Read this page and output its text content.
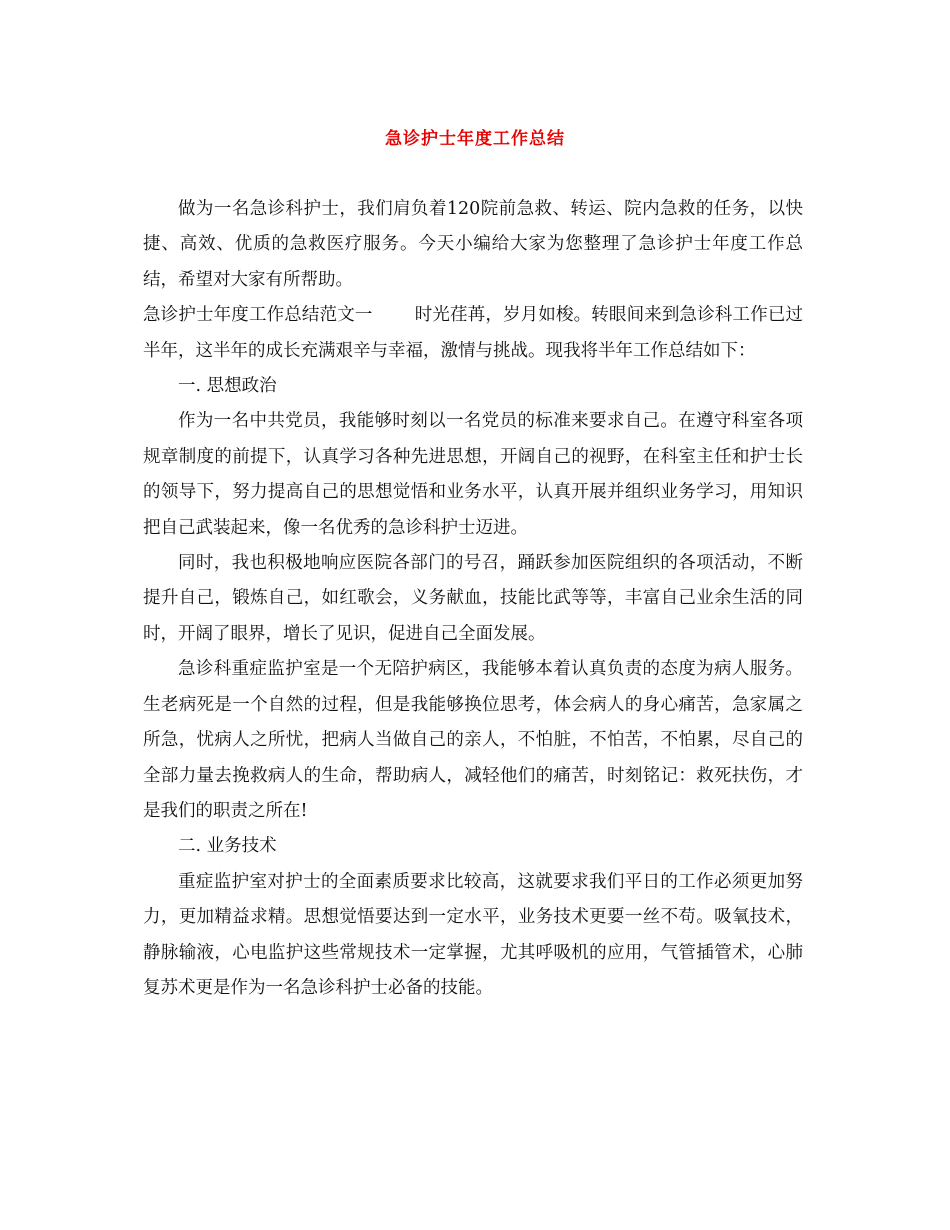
急诊护士年度工作总结

做为一名急诊科护士，我们肩负着120院前急救、转运、院内急救的任务，以快捷、高效、优质的急救医疗服务。今天小编给大家为您整理了急诊护士年度工作总结，希望对大家有所帮助。

急诊护士年度工作总结范文一 时光荏苒，岁月如梭。转眼间来到急诊科工作已过半年，这半年的成长充满艰辛与幸福，激情与挑战。现我将半年工作总结如下：

一. 思想政治

作为一名中共党员，我能够时刻以一名党员的标准来要求自己。在遵守科室各项规章制度的前提下，认真学习各种先进思想，开阔自己的视野，在科室主任和护士长的领导下，努力提高自己的思想觉悟和业务水平，认真开展并组织业务学习，用知识把自己武装起来，像一名优秀的急诊科护士迈进。

同时，我也积极地响应医院各部门的号召，踊跃参加医院组织的各项活动，不断提升自己，锻炼自己，如红歌会，义务献血，技能比武等等，丰富自己业余生活的同时，开阔了眼界，增长了见识，促进自己全面发展。

急诊科重症监护室是一个无陪护病区，我能够本着认真负责的态度为病人服务。生老病死是一个自然的过程，但是我能够换位思考，体会病人的身心痛苦，急家属之所急，忧病人之所忧，把病人当做自己的亲人，不怕脏，不怕苦，不怕累，尽自己的全部力量去挽救病人的生命，帮助病人，减轻他们的痛苦，时刻铭记：救死扶伤，才是我们的职责之所在!

二. 业务技术

重症监护室对护士的全面素质要求比较高，这就要求我们平日的工作必须更加努力，更加精益求精。思想觉悟要达到一定水平，业务技术更要一丝不苟。吸氧技术，静脉输液，心电监护这些常规技术一定掌握，尤其呼吸机的应用，气管插管术，心肺复苏术更是作为一名急诊科护士必备的技能。
